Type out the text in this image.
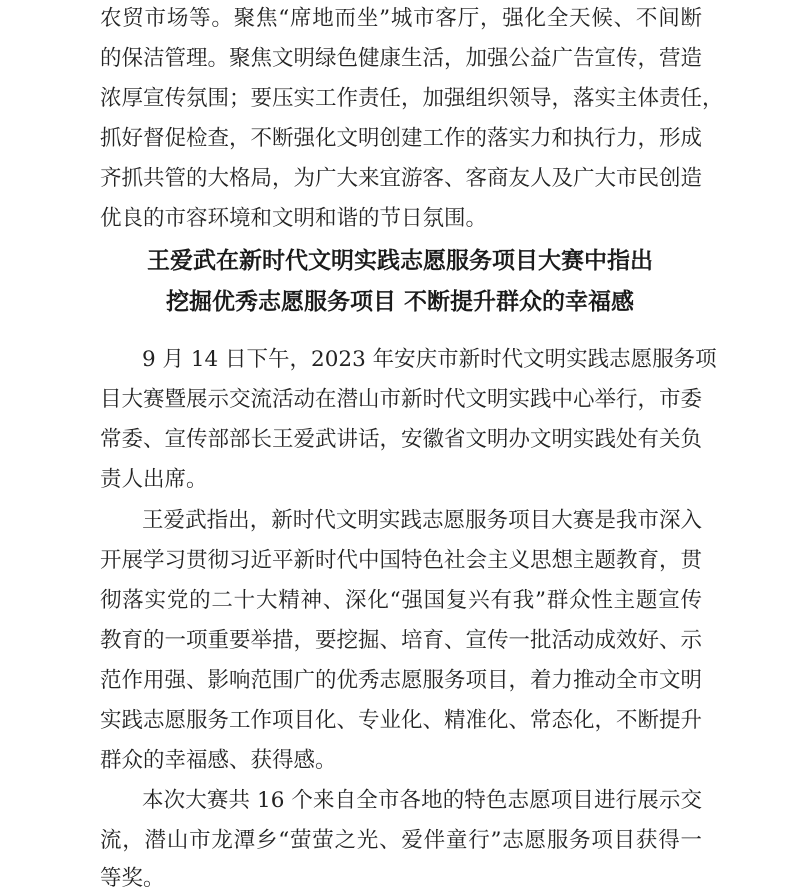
农贸市场等。聚焦“席地而坐”城市客厅，强化全天候、不间断
的保洁管理。聚焦文明绿色健康生活，加强公益广告宣传，营造
浓厚宣传氛围；要压实工作责任，加强组织领导，落实主体责任，
抓好督促检查，不断强化文明创建工作的落实力和执行力，形成
齐抓共管的大格局，为广大来宜游客、客商友人及广大市民创造
优良的市容环境和文明和谐的节日氛围。
王爱武在新时代文明实践志愿服务项目大赛中指出
挖掘优秀志愿服务项目 不断提升群众的幸福感
9 月 14 日下午，2023 年安庆市新时代文明实践志愿服务项
目大赛暨展示交流活动在潜山市新时代文明实践中心举行，市委
常委、宣传部部长王爱武讲话，安徽省文明办文明实践处有关负
责人出席。
王爱武指出，新时代文明实践志愿服务项目大赛是我市深入
开展学习贯彻习近平新时代中国特色社会主义思想主题教育，贯
彻落实党的二十大精神、深化“强国复兴有我”群众性主题宣传
教育的一项重要举措，要挖掘、培育、宣传一批活动成效好、示
范作用强、影响范围广的优秀志愿服务项目，着力推动全市文明
实践志愿服务工作项目化、专业化、精准化、常态化，不断提升
群众的幸福感、获得感。
本次大赛共 16 个来自全市各地的特色志愿项目进行展示交
流，潜山市龙潭乡“萤萤之光、爱伴童行”志愿服务项目获得一
等奖。
